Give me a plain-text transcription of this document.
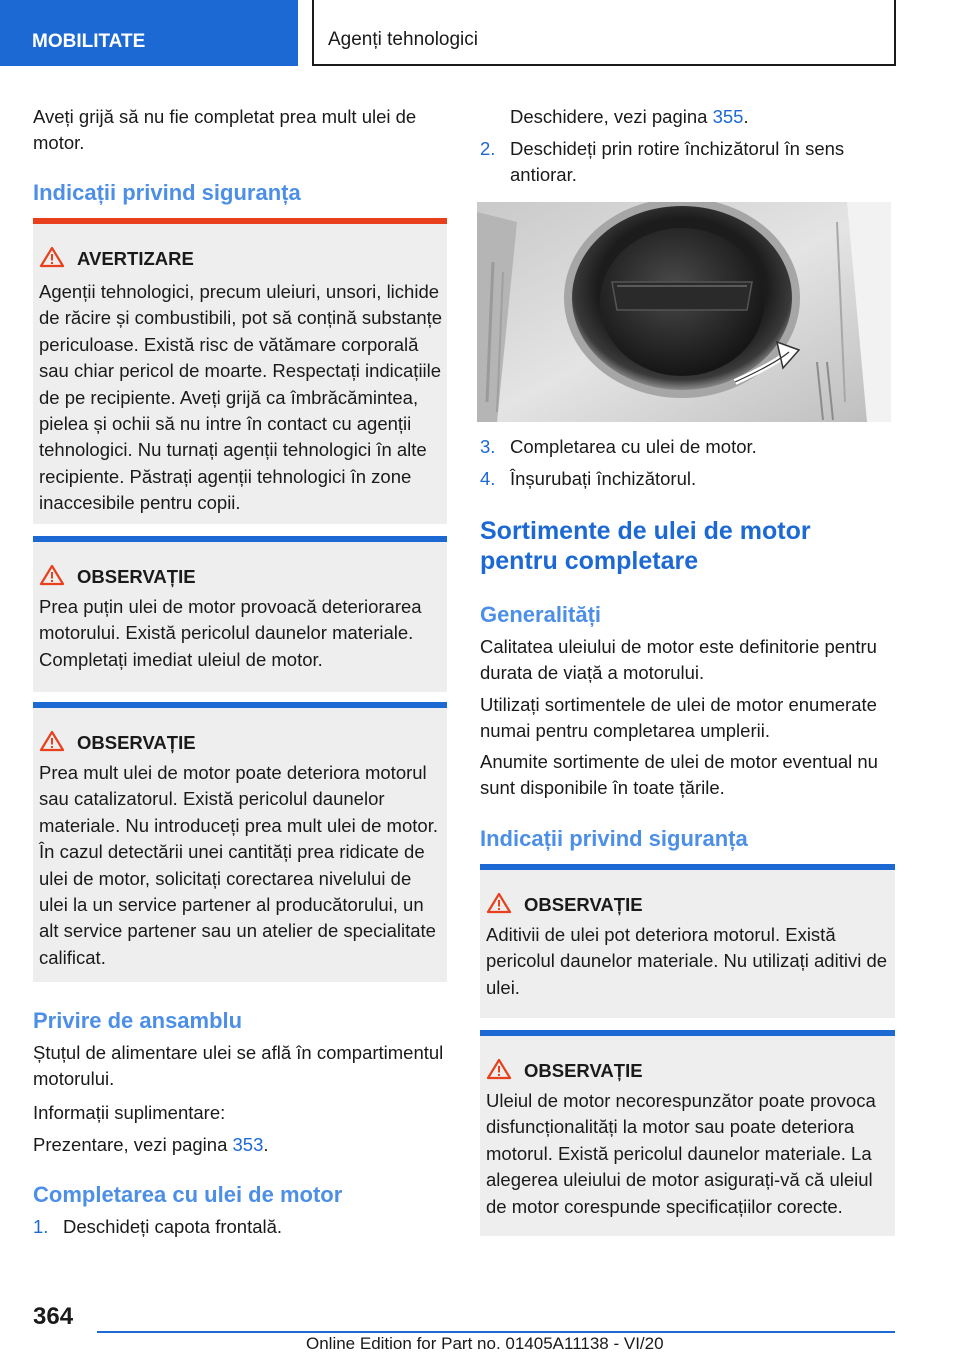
MOBILITATE	Agenți tehnologici

Aveți grijă să nu fie completat prea mult ulei de motor.

Indicații privind siguranța
AVERTIZARE
Agenții tehnologici, precum uleiuri, unsori, lichide de răcire și combustibili, pot să conțină substanțe periculoase. Există risc de vătămare corporală sau chiar pericol de moarte. Respectați indicațiile de pe recipiente. Aveți grijă ca îmbrăcămintea, pielea și ochii să nu intre în contact cu agenții tehnologici. Nu turnați agenții tehnologici în alte recipiente. Păstrați agenții tehnologici în zone inaccesibile pentru copii.
OBSERVAȚIE
Prea puțin ulei de motor provoacă deteriorarea motorului. Există pericolul daunelor materiale. Completați imediat uleiul de motor.
OBSERVAȚIE
Prea mult ulei de motor poate deteriora motorul sau catalizatorul. Există pericolul daunelor materiale. Nu introduceți prea mult ulei de motor. În cazul detectării unei cantități prea ridicate de ulei de motor, solicitați corectarea nivelului de ulei la un service partener al producătorului, un alt service partener sau un atelier de specialitate calificat.
Privire de ansamblu

Ștuțul de alimentare ulei se află în compartimentul motorului.

Informații suplimentare:

Prezentare, vezi pagina 353.

Completarea cu ulei de motor
1. Deschideți capota frontală.

Deschidere, vezi pagina 355.

2. Deschideți prin rotire închizătorul în sens antiorar.
3. Completarea cu ulei de motor.
4. Înșurubați închizătorul.
Sortimente de ulei de motor pentru completare
Generalități

Calitatea uleiului de motor este definitorie pentru durata de viață a motorului.

Utilizați sortimentele de ulei de motor enumerate numai pentru completarea umplerii.

Anumite sortimente de ulei de motor eventual nu sunt disponibile în toate țările.

Indicații privind siguranța
OBSERVAȚIE
Aditivii de ulei pot deteriora motorul. Există pericolul daunelor materiale. Nu utilizați aditivi de ulei.
OBSERVAȚIE
Uleiul de motor necorespunzător poate provoca disfuncționalități la motor sau poate deteriora motorul. Există pericolul daunelor materiale. La alegerea uleiului de motor asigurați-vă că uleiul de motor corespunde specificațiilor corecte.
364
Online Edition for Part no. 01405A11138 - VI/20
